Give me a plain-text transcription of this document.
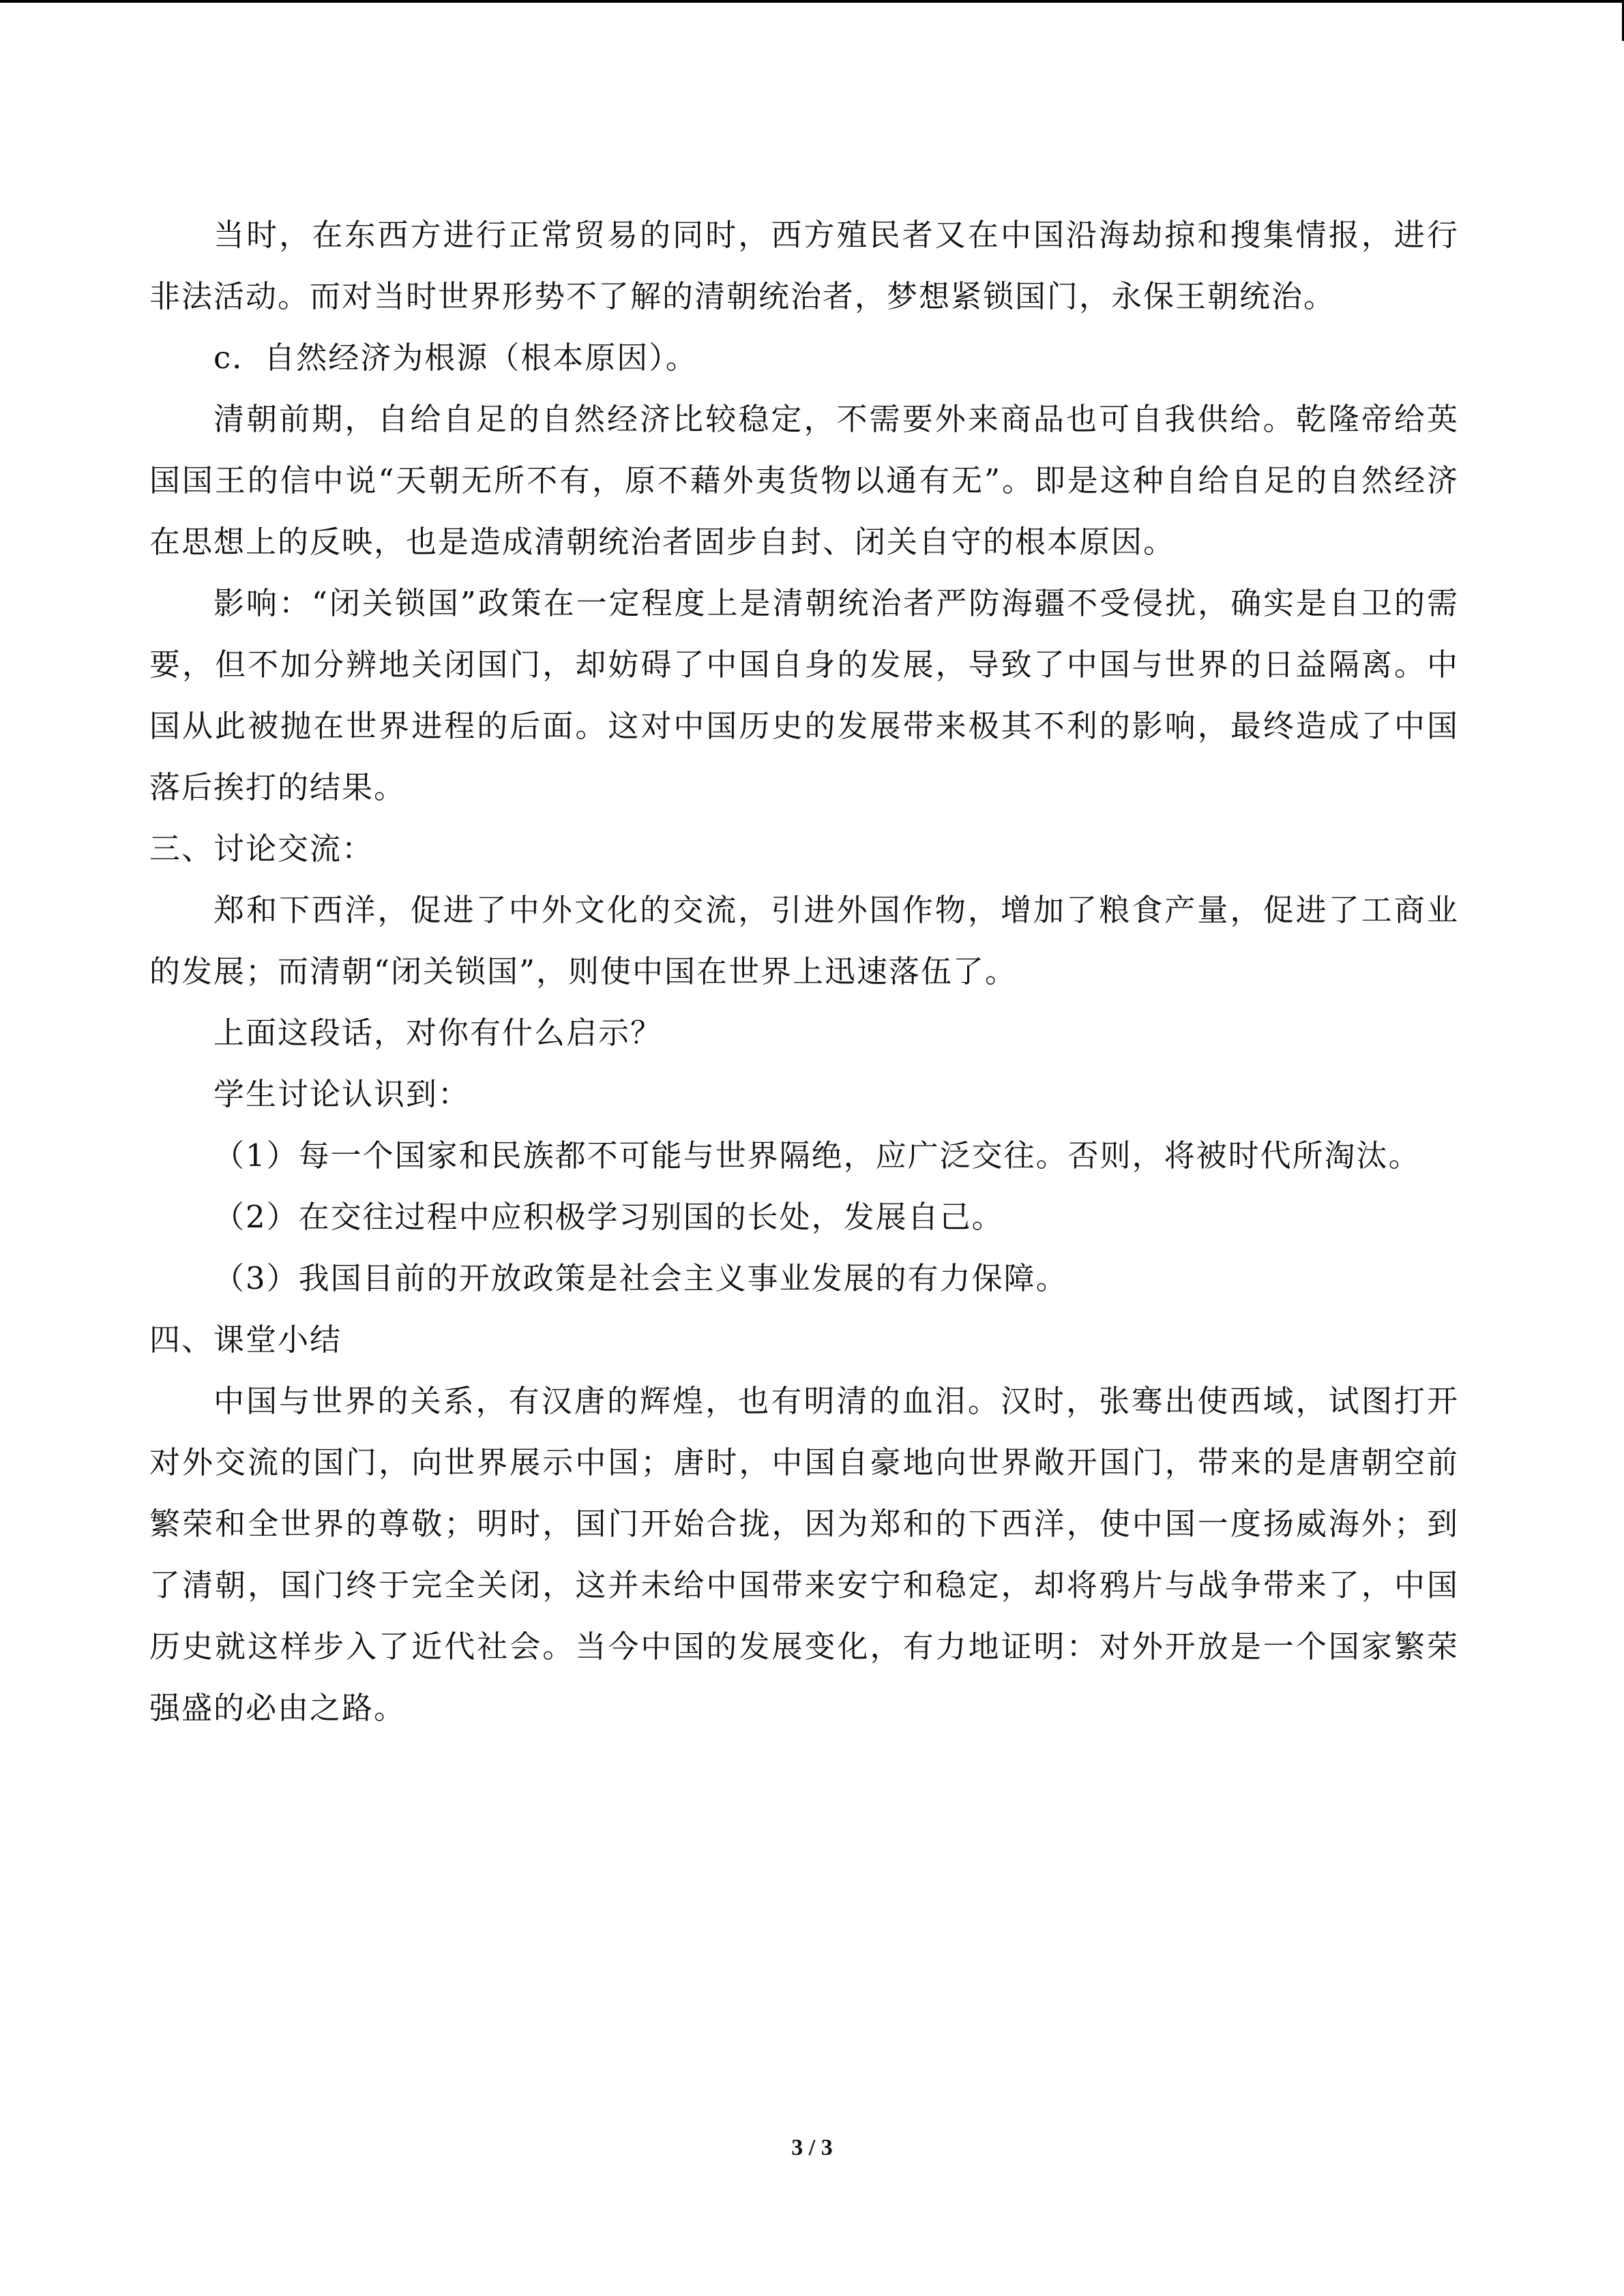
当时，在东西方进行正常贸易的同时，西方殖民者又在中国沿海劫掠和搜集情报，进行非法活动。而对当时世界形势不了解的清朝统治者，梦想紧锁国门，永保王朝统治。

c．自然经济为根源（根本原因）。

清朝前期，自给自足的自然经济比较稳定，不需要外来商品也可自我供给。乾隆帝给英国国王的信中说“天朝无所不有，原不藉外夷货物以通有无”。即是这种自给自足的自然经济在思想上的反映，也是造成清朝统治者固步自封、闭关自守的根本原因。

影响：“闭关锁国”政策在一定程度上是清朝统治者严防海疆不受侵扰，确实是自卫的需要，但不加分辨地关闭国门，却妨碍了中国自身的发展，导致了中国与世界的日益隔离。中国从此被抛在世界进程的后面。这对中国历史的发展带来极其不利的影响，最终造成了中国落后挨打的结果。

三、讨论交流：

郑和下西洋，促进了中外文化的交流，引进外国作物，增加了粮食产量，促进了工商业的发展；而清朝“闭关锁国”，则使中国在世界上迅速落伍了。

上面这段话，对你有什么启示？

学生讨论认识到：

（1）每一个国家和民族都不可能与世界隔绝，应广泛交往。否则，将被时代所淘汰。

（2）在交往过程中应积极学习别国的长处，发展自己。

（3）我国目前的开放政策是社会主义事业发展的有力保障。

四、课堂小结

中国与世界的关系，有汉唐的辉煌，也有明清的血泪。汉时，张骞出使西域，试图打开对外交流的国门，向世界展示中国；唐时，中国自豪地向世界敞开国门，带来的是唐朝空前繁荣和全世界的尊敬；明时，国门开始合拢，因为郑和的下西洋，使中国一度扬威海外；到了清朝，国门终于完全关闭，这并未给中国带来安宁和稳定，却将鸦片与战争带来了，中国历史就这样步入了近代社会。当今中国的发展变化，有力地证明：对外开放是一个国家繁荣强盛的必由之路。

3 / 3
